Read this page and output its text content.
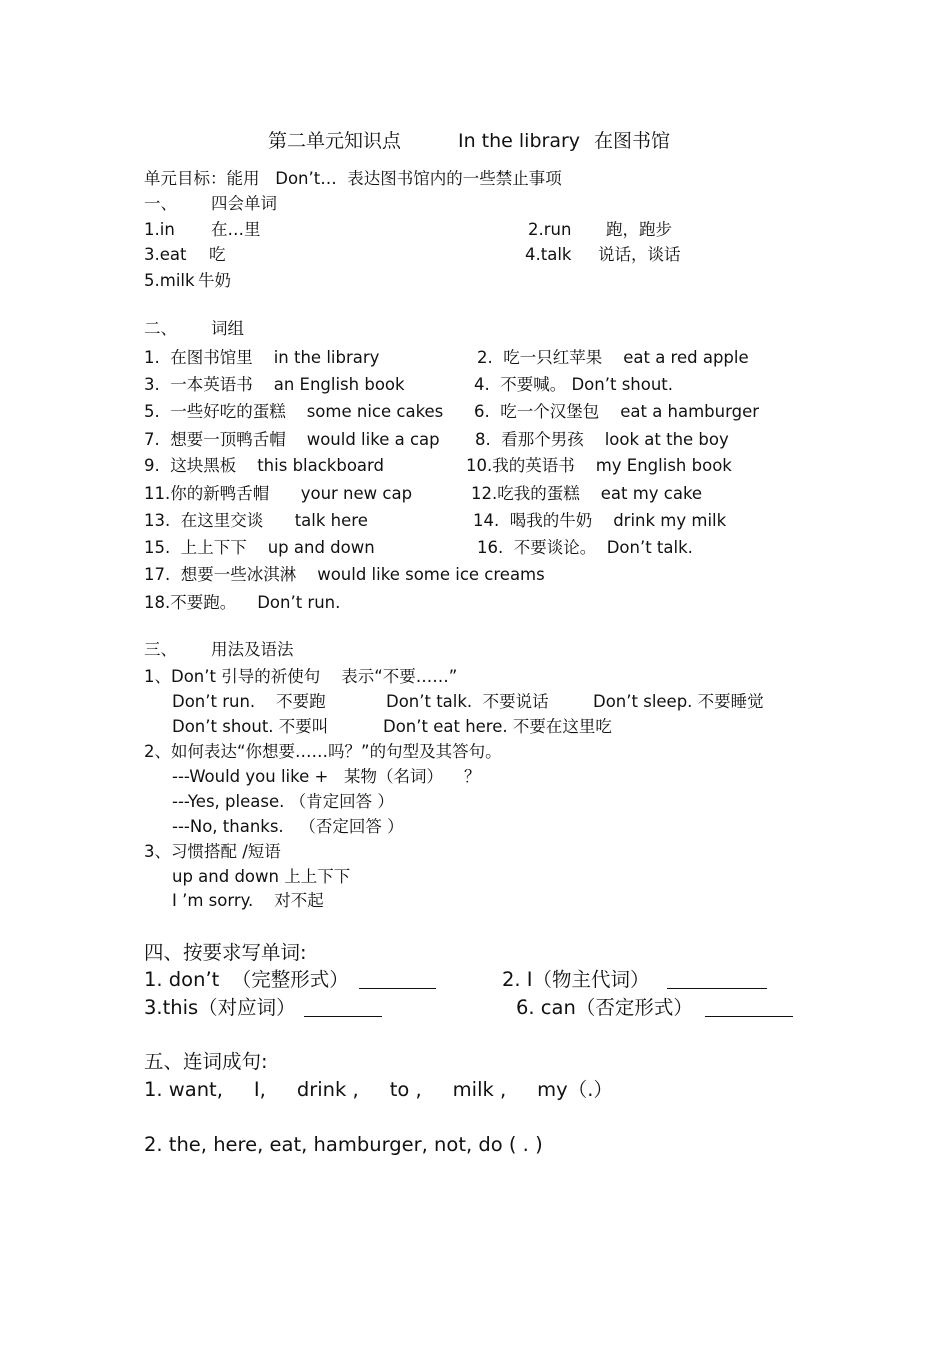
第二单元知识点	In the library 在图书馆
单元目标：能用   Don’t…  表达图书馆内的一些禁止事项
一、 四会单词
1.in 在…里	2.run 跑，跑步
3.eat 吃	4.talk 说话，谈话
5.milk 牛奶
二、 词组
1.  在图书馆里    in the library	2.  吃一只红苹果    eat a red apple
3.  一本英语书    an English book	4.  不要喊。 Don’t shout.
5.  一些好吃的蛋糕    some nice cakes 6.  吃一个汉堡包    eat a hamburger
7.  想要一顶鸭舌帽    would like a cap 8.  看那个男孩    look at the boy
9.  这块黑板    this blackboard	10.我的英语书    my English book
11.你的新鸭舌帽      your new cap	12.吃我的蛋糕    eat my cake
13.  在这里交谈      talk here	14.  喝我的牛奶    drink my milk
15.  上上下下    up and down	16.  不要谈论。  Don’t talk.
17.  想要一些冰淇淋    would like some ice creams
18.不要跑。    Don’t run.
三、 用法及语法
1、Don’t 引导的祈使句    表示“不要……”
Don’t run.    不要跑	Don’t talk.  不要说话	Don’t sleep. 不要睡觉
Don’t shout. 不要叫	Don’t eat here. 不要在这里吃
2、如何表达“你想要……吗？”的句型及其答句。
---Would you like +   某物（名词）    ？
---Yes, please. （肯定回答 ）
---No, thanks.   （否定回答 ）
3、习惯搭配 /短语
up and down 上上下下
I ’m sorry.    对不起
四、按要求写单词:
1. don’t  （完整形式）	2. I（物主代词）
3.this（对应词）	6. can（否定形式）
五、连词成句:
1. want,     I,     drink ,     to ,     milk ,     my（.）
2. the, here, eat, hamburger, not, do ( . )
